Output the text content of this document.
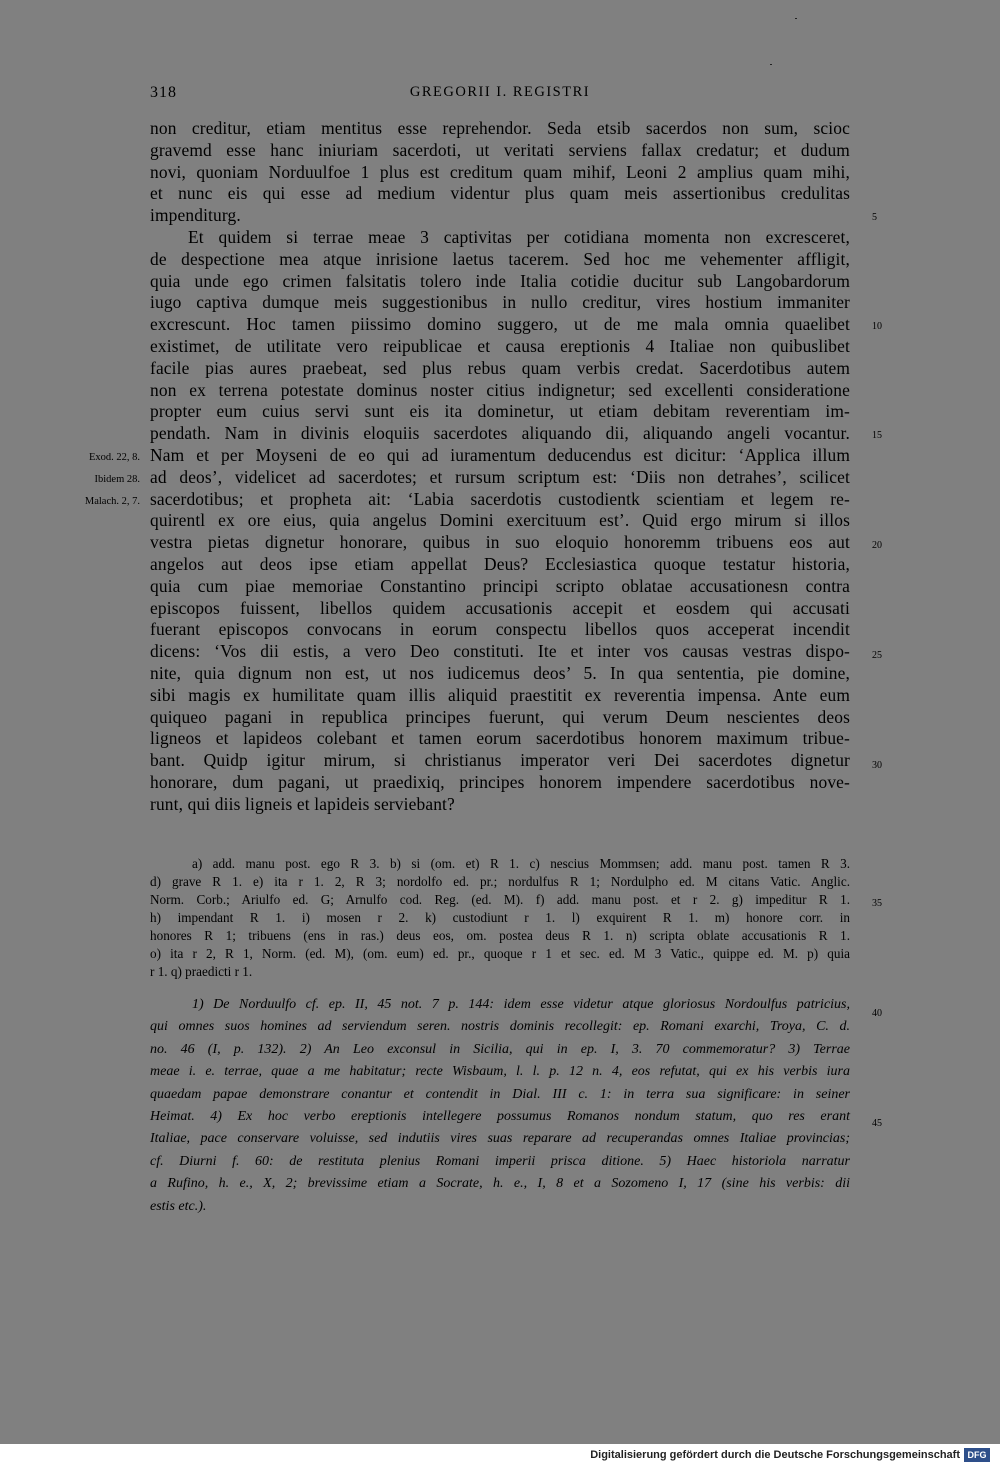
318	GREGORII I. REGISTRI
non creditur, etiam mentitus esse reprehendor. Seda etsib sacerdos non sum, scioc
gravemd esse hanc iniuriam sacerdoti, ut veritati serviens fallax credatur; et dudum
novi, quoniam Norduulfoe 1 plus est creditum quam mihif, Leoni 2 amplius quam mihi,
et nunc eis qui esse ad medium videntur plus quam meis assertionibus credulitas
impenditurg.
Et quidem si terrae meae 3 captivitas per cotidiana momenta non excresceret,
de despectione mea atque inrisione laetus tacerem. Sed hoc me vehementer affligit,
quia unde ego crimen falsitatis tolero inde Italia cotidie ducitur sub Langobardorum
iugo captiva dumque meis suggestionibus in nullo creditur, vires hostium immaniter
excrescunt. Hoc tamen piissimo domino suggero, ut de me mala omnia quaelibet
existimet, de utilitate vero reipublicae et causa ereptionis 4 Italiae non quibuslibet
facile pias aures praebeat, sed plus rebus quam verbis credat. Sacerdotibus autem
non ex terrena potestate dominus noster citius indignetur; sed excellenti consideratione
propter eum cuius servi sunt eis ita dominetur, ut etiam debitam reverentiam im-
pendath. Nam in divinis eloquiis sacerdotes aliquando dii, aliquando angeli vocantur.
Nam et per Moyseni de eo qui ad iuramentum deducendus est dicitur: ‘Applica illum
ad deos’, videlicet ad sacerdotes; et rursum scriptum est: ‘Diis non detrahes’, scilicet
sacerdotibus; et propheta ait: ‘Labia sacerdotis custodientk scientiam et legem re-
quirentl ex ore eius, quia angelus Domini exercituum est’. Quid ergo mirum si illos
vestra pietas dignetur honorare, quibus in suo eloquio honoremm tribuens eos aut
angelos aut deos ipse etiam appellat Deus? Ecclesiastica quoque testatur historia,
quia cum piae memoriae Constantino principi scripto oblatae accusationesn contra
episcopos fuissent, libellos quidem accusationis accepit et eosdem qui accusati
fuerant episcopos convocans in eorum conspectu libellos quos acceperat incendit
dicens: ‘Vos dii estis, a vero Deo constituti. Ite et inter vos causas vestras dispo-
nite, quia dignum non est, ut nos iudicemus deos’ 5. In qua sententia, pie domine,
sibi magis ex humilitate quam illis aliquid praestitit ex reverentia impensa. Ante eum
quiqueo pagani in republica principes fuerunt, qui verum Deum nescientes deos
ligneos et lapideos colebant et tamen eorum sacerdotibus honorem maximum tribue-
bant. Quidp igitur mirum, si christianus imperator veri Dei sacerdotes dignetur
honorare, dum pagani, ut praedixiq, principes honorem impendere sacerdotibus nove-
runt, qui diis ligneis et lapideis serviebant?
Exod. 22, 8.
Ibidem 28.
Malach. 2, 7.
5
10
15
20
25
30
35
40
45
a) add. manu post. ego R 3. b) si (om. et) R 1. c) nescius Mommsen; add. manu post. tamen R 3.
d) grave R 1. e) ita r 1. 2, R 3; nordolfo ed. pr.; nordulfus R 1; Nordulpho ed. M citans Vatic. Anglic.
Norm. Corb.; Ariulfo ed. G; Arnulfo cod. Reg. (ed. M). f) add. manu post. et r 2. g) impeditur R 1.
h) impendant R 1. i) mosen r 2. k) custodiunt r 1. l) exquirent R 1. m) honore corr. in
honores R 1; tribuens (ens in ras.) deus eos, om. postea deus R 1. n) scripta oblate accusationis R 1.
o) ita r 2, R 1, Norm. (ed. M), (om. eum) ed. pr., quoque r 1 et sec. ed. M 3 Vatic., quippe ed. M. p) quia
r 1. q) praedicti r 1.
1) De Norduulfo cf. ep. II, 45 not. 7 p. 144: idem esse videtur atque gloriosus Nordoulfus patricius,
qui omnes suos homines ad serviendum seren. nostris dominis recollegit: ep. Romani exarchi, Troya, C. d.
no. 46 (I, p. 132). 2) An Leo exconsul in Sicilia, qui in ep. I, 3. 70 commemoratur? 3) Terrae
meae i. e. terrae, quae a me habitatur; recte Wisbaum, l. l. p. 12 n. 4, eos refutat, qui ex his verbis iura
quaedam papae demonstrare conantur et contendit in Dial. III c. 1: in terra sua significare: in seiner
Heimat. 4) Ex hoc verbo ereptionis intellegere possumus Romanos nondum statum, quo res erant
Italiae, pace conservare voluisse, sed indutiis vires suas reparare ad recuperandas omnes Italiae provincias;
cf. Diurni f. 60: de restituta plenius Romani imperii prisca ditione. 5) Haec historiola narratur
a Rufino, h. e., X, 2; brevissime etiam a Socrate, h. e., I, 8 et a Sozomeno I, 17 (sine his verbis: dii
estis etc.).
Digitalisierung gefördert durch die Deutsche Forschungsgemeinschaft DFG
